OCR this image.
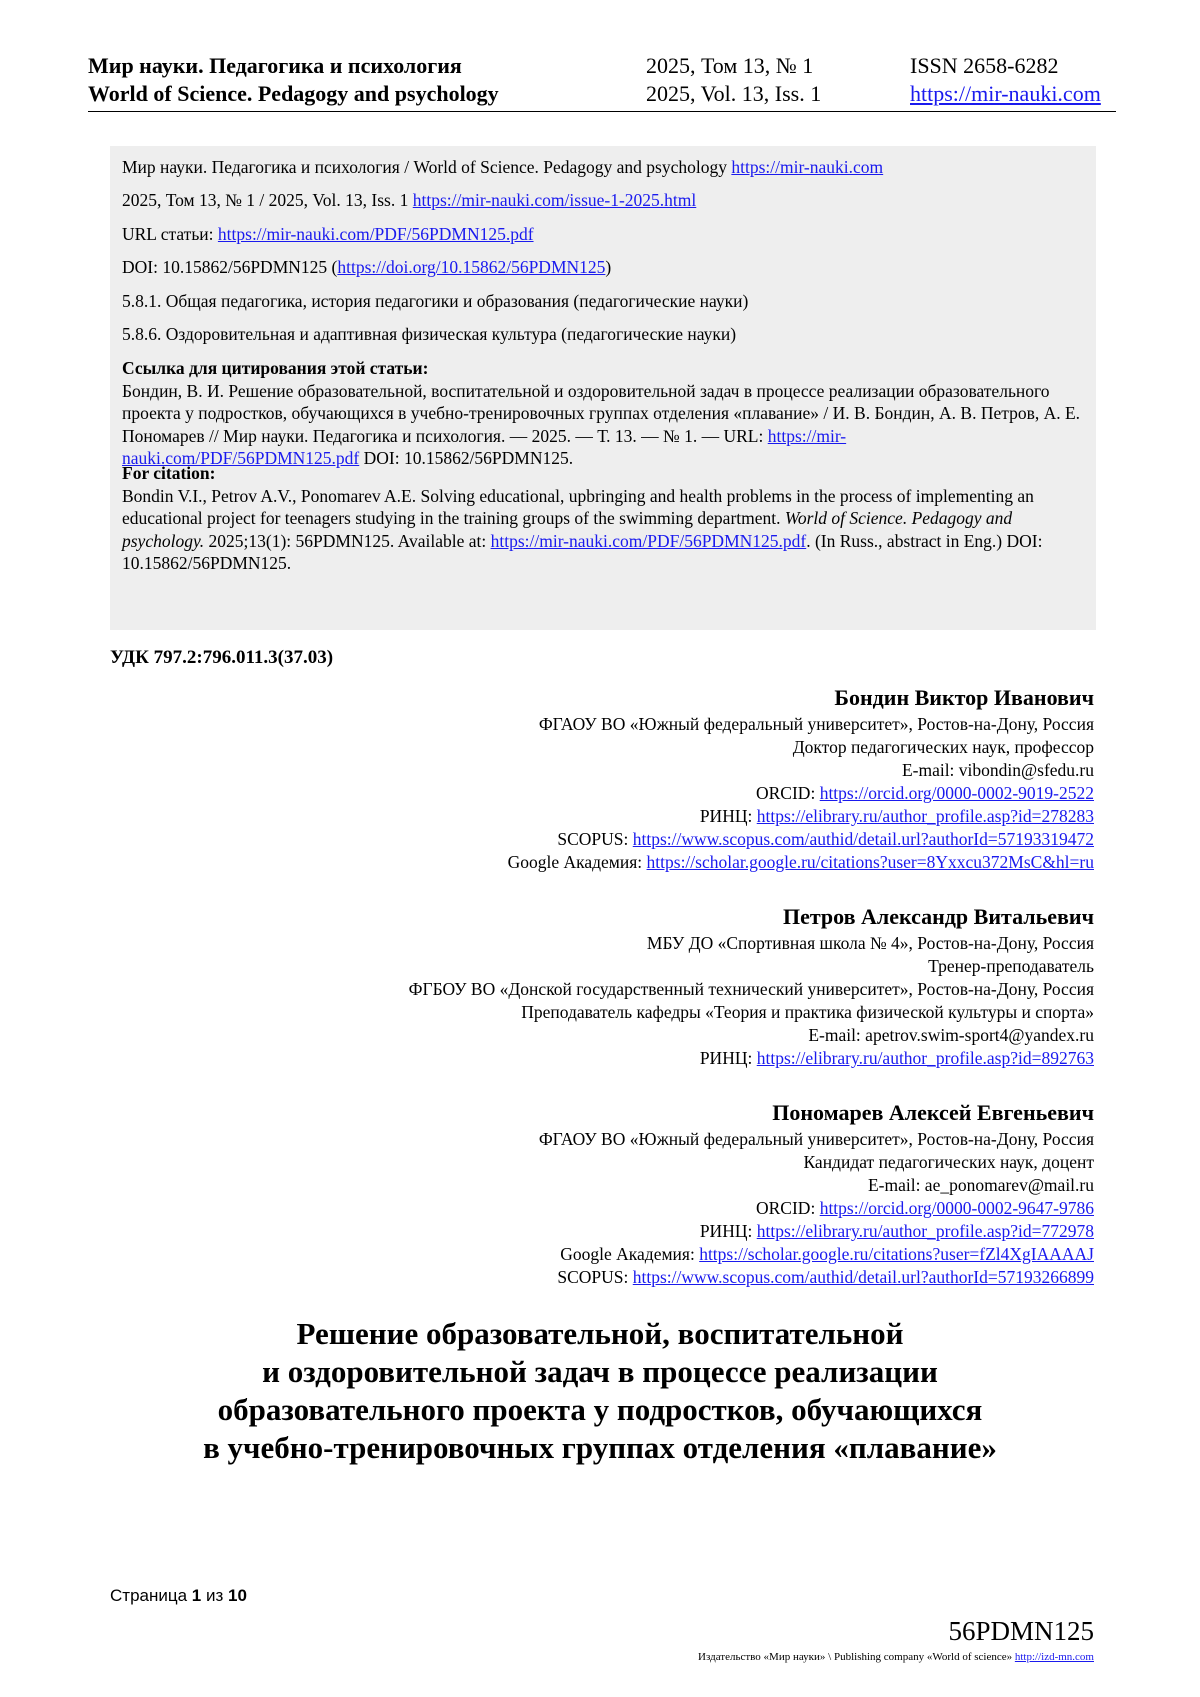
Мир науки. Педагогика и психология
World of Science. Pedagogy and psychology
2025, Том 13, № 1
2025, Vol. 13, Iss. 1
ISSN 2658-6282
https://mir-nauki.com
Мир науки. Педагогика и психология / World of Science. Pedagogy and psychology https://mir-nauki.com
2025, Том 13, № 1 / 2025, Vol. 13, Iss. 1 https://mir-nauki.com/issue-1-2025.html
URL статьи: https://mir-nauki.com/PDF/56PDMN125.pdf
DOI: 10.15862/56PDMN125 (https://doi.org/10.15862/56PDMN125)
5.8.1. Общая педагогика, история педагогики и образования (педагогические науки)
5.8.6. Оздоровительная и адаптивная физическая культура (педагогические науки)
Ссылка для цитирования этой статьи:
Бондин, В. И. Решение образовательной, воспитательной и оздоровительной задач в процессе реализации образовательного проекта у подростков, обучающихся в учебно-тренировочных группах отделения «плавание» / И. В. Бондин, А. В. Петров, А. Е. Пономарев // Мир науки. Педагогика и психология. — 2025. — Т. 13. — № 1. — URL: https://mir-nauki.com/PDF/56PDMN125.pdf DOI: 10.15862/56PDMN125.
For citation:
Bondin V.I., Petrov A.V., Ponomarev A.E. Solving educational, upbringing and health problems in the process of implementing an educational project for teenagers studying in the training groups of the swimming department. World of Science. Pedagogy and psychology. 2025;13(1): 56PDMN125. Available at: https://mir-nauki.com/PDF/56PDMN125.pdf. (In Russ., abstract in Eng.) DOI: 10.15862/56PDMN125.
УДК 797.2:796.011.3(37.03)
Бондин Виктор Иванович
ФГАОУ ВО «Южный федеральный университет», Ростов-на-Дону, Россия
Доктор педагогических наук, профессор
E-mail: vibondin@sfedu.ru
ORCID: https://orcid.org/0000-0002-9019-2522
РИНЦ: https://elibrary.ru/author_profile.asp?id=278283
SCOPUS: https://www.scopus.com/authid/detail.url?authorId=57193319472
Google Академия: https://scholar.google.ru/citations?user=8Yxxcu372MsC&hl=ru
Петров Александр Витальевич
МБУ ДО «Спортивная школа № 4», Ростов-на-Дону, Россия
Тренер-преподаватель
ФГБОУ ВО «Донской государственный технический университет», Ростов-на-Дону, Россия
Преподаватель кафедры «Теория и практика физической культуры и спорта»
E-mail: apetrov.swim-sport4@yandex.ru
РИНЦ: https://elibrary.ru/author_profile.asp?id=892763
Пономарев Алексей Евгеньевич
ФГАОУ ВО «Южный федеральный университет», Ростов-на-Дону, Россия
Кандидат педагогических наук, доцент
E-mail: ae_ponomarev@mail.ru
ORCID: https://orcid.org/0000-0002-9647-9786
РИНЦ: https://elibrary.ru/author_profile.asp?id=772978
Google Академия: https://scholar.google.ru/citations?user=fZl4XgIAAAAJ
SCOPUS: https://www.scopus.com/authid/detail.url?authorId=57193266899
Решение образовательной, воспитательной
и оздоровительной задач в процессе реализации
образовательного проекта у подростков, обучающихся
в учебно-тренировочных группах отделения «плавание»
Страница 1 из 10
56PDMN125
Издательство «Мир науки» \ Publishing company «World of science» http://izd-mn.com
